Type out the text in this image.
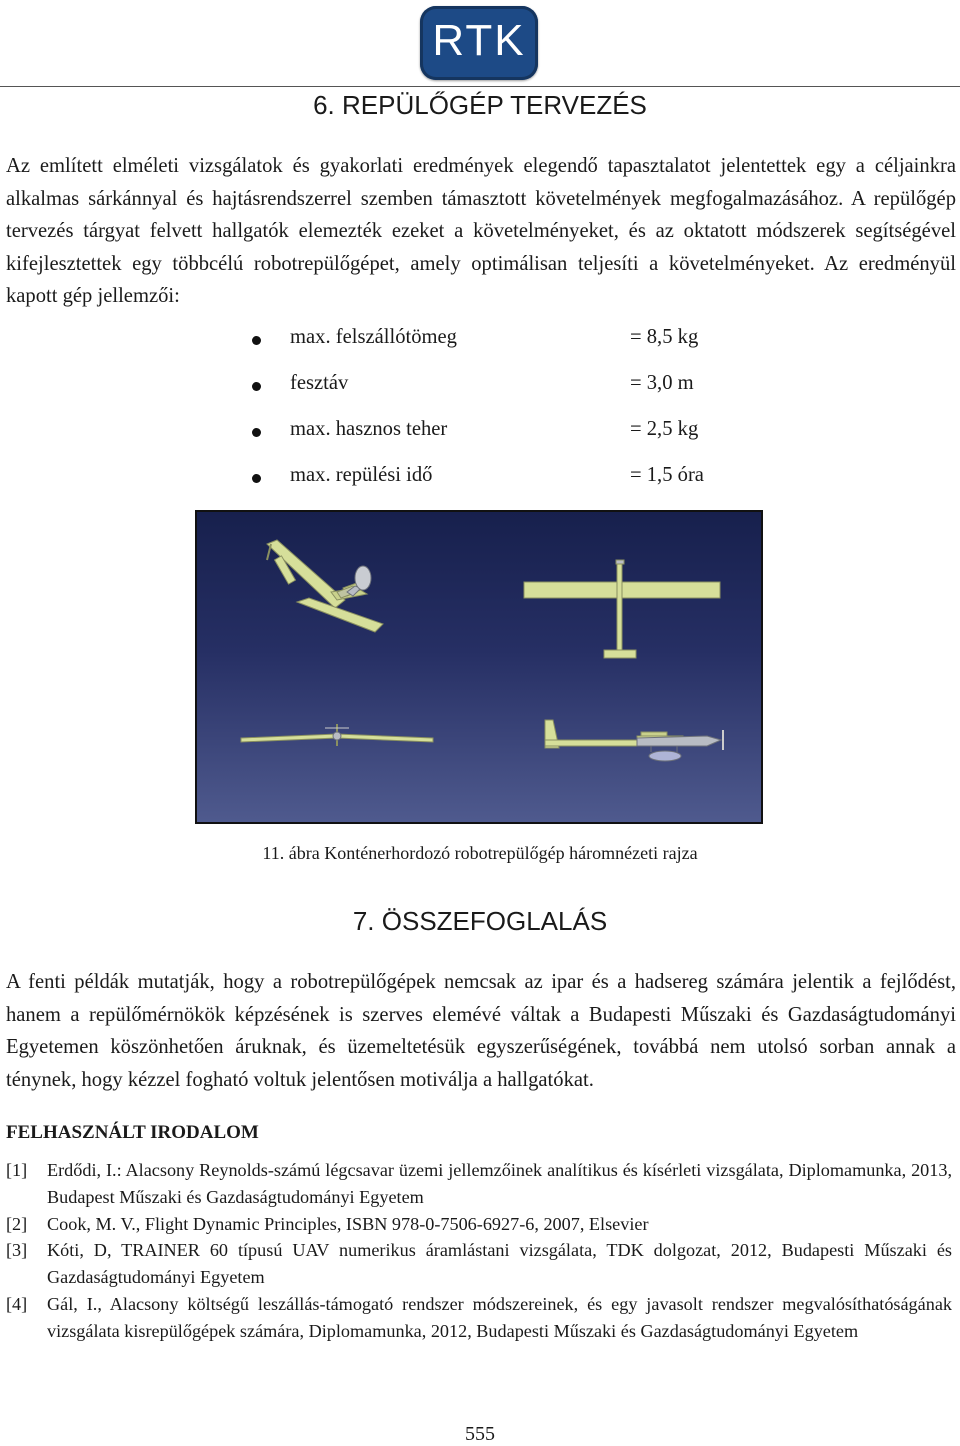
RTK
6. REPÜLŐGÉP TERVEZÉS

Az említett elméleti vizsgálatok és gyakorlati eredmények elegendő tapasztalatot jelentettek egy a céljainkra alkalmas sárkánnyal és hajtásrendszerrel szemben támasztott követelmények megfogalmazásához. A repülőgép tervezés tárgyat felvett hallgatók elemezték ezeket a követelményeket, és az oktatott módszerek segítségével kifejlesztettek egy többcélú robotrepülőgépet, amely optimálisan teljesíti a követelményeket. Az eredményül kapott gép jellemzői:

max. felszállótömeg	= 8,5 kg
fesztáv	= 3,0 m
max. hasznos teher	= 2,5 kg
max. repülési idő	= 1,5 óra
11. ábra Konténerhordozó robotrepülőgép háromnézeti rajza
7. ÖSSZEFOGLALÁS

A fenti példák mutatják, hogy a robotrepülőgépek nemcsak az ipar és a hadsereg számára jelentik a fejlődést, hanem a repülőmérnökök képzésének is szerves elemévé váltak a Budapesti Műszaki és Gazdaságtudományi Egyetemen köszönhetően áruknak, és üzemeltetésük egyszerűségének, továbbá nem utolsó sorban annak a ténynek, hogy kézzel fogható voltuk jelentősen motiválja a hallgatókat.

FELHASZNÁLT IRODALOM
[1] Erdődi, I.: Alacsony Reynolds-számú légcsavar üzemi jellemzőinek analítikus és kísérleti vizsgálata, Diplomamunka, 2013, Budapest Műszaki és Gazdaságtudományi Egyetem
[2] Cook, M. V., Flight Dynamic Principles, ISBN 978-0-7506-6927-6, 2007, Elsevier
[3] Kóti, D, TRAINER 60 típusú UAV numerikus áramlástani vizsgálata, TDK dolgozat, 2012, Budapesti Műszaki és Gazdaságtudományi Egyetem
[4] Gál, I., Alacsony költségű leszállás-támogató rendszer módszereinek, és egy javasolt rendszer megvalósíthatóságának vizsgálata kisrepülőgépek számára, Diplomamunka, 2012, Budapesti Műszaki és Gazdaságtudományi Egyetem
555
